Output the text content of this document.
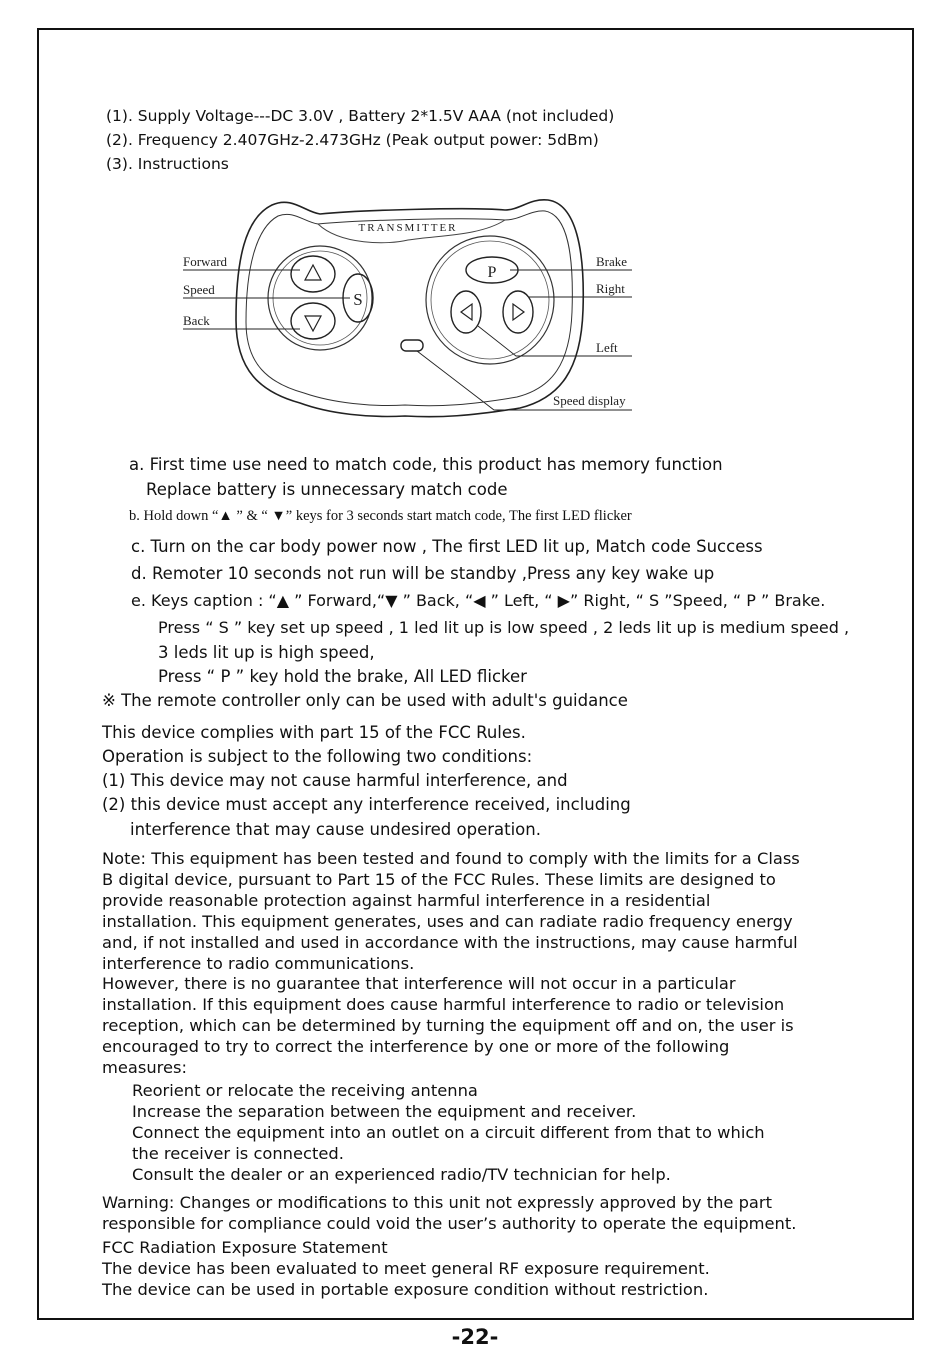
(1). Supply Voltage---DC 3.0V , Battery 2*1.5V AAA (not included)
(2). Frequency 2.407GHz-2.473GHz (Peak output power: 5dBm)
(3). Instructions
TRANSMITTER
S
P
Forward
Speed
Back
Brake
Right
Left
Speed display
a. First time use need to match code, this product has memory function
Replace battery is unnecessary match code
b. Hold down “▲ ” & “ ▼” keys for 3 seconds start match code, The first LED flicker
c. Turn on the car body power now , The first LED lit up, Match code Success
d. Remoter 10 seconds not run will be standby ,Press any key wake up
e. Keys caption : “▲ ” Forward,“▼ ” Back, “◀ ” Left, “ ▶” Right, “ S ”Speed, “ P ” Brake.
Press “ S ” key set up speed , 1 led lit up is low speed , 2 leds lit up is medium speed ,
3 leds lit up is high speed,
Press “ P ” key hold the brake, All LED flicker
※ The remote controller only can be used with adult's guidance
This device complies with part 15 of the FCC Rules.
Operation is subject to the following two conditions:
(1) This device may not cause harmful interference, and
(2) this device must accept any interference received, including
interference that may cause undesired operation.

Note: This equipment has been tested and found to comply with the limits for a Class

B digital device, pursuant to Part 15 of the FCC Rules. These limits are designed to

provide reasonable protection against harmful interference in a residential

installation. This equipment generates, uses and can radiate radio frequency energy

and, if not installed and used in accordance with the instructions, may cause harmful

interference to radio communications.

However, there is no guarantee that interference will not occur in a particular

installation. If this equipment does cause harmful interference to radio or television

reception, which can be determined by turning the equipment off and on, the user is

encouraged to try to correct the interference by one or more of the following

measures:

Reorient or relocate the receiving antenna

Increase the separation between the equipment and receiver.

Connect the equipment into an outlet on a circuit different from that to which

the receiver is connected.

Consult the dealer or an experienced radio/TV technician for help.

Warning: Changes or modifications to this unit not expressly approved by the part

responsible for compliance could void the user’s authority to operate the equipment.

FCC Radiation Exposure Statement

The device has been evaluated to meet general RF exposure requirement.

The device can be used in portable exposure condition without restriction.

-22-
